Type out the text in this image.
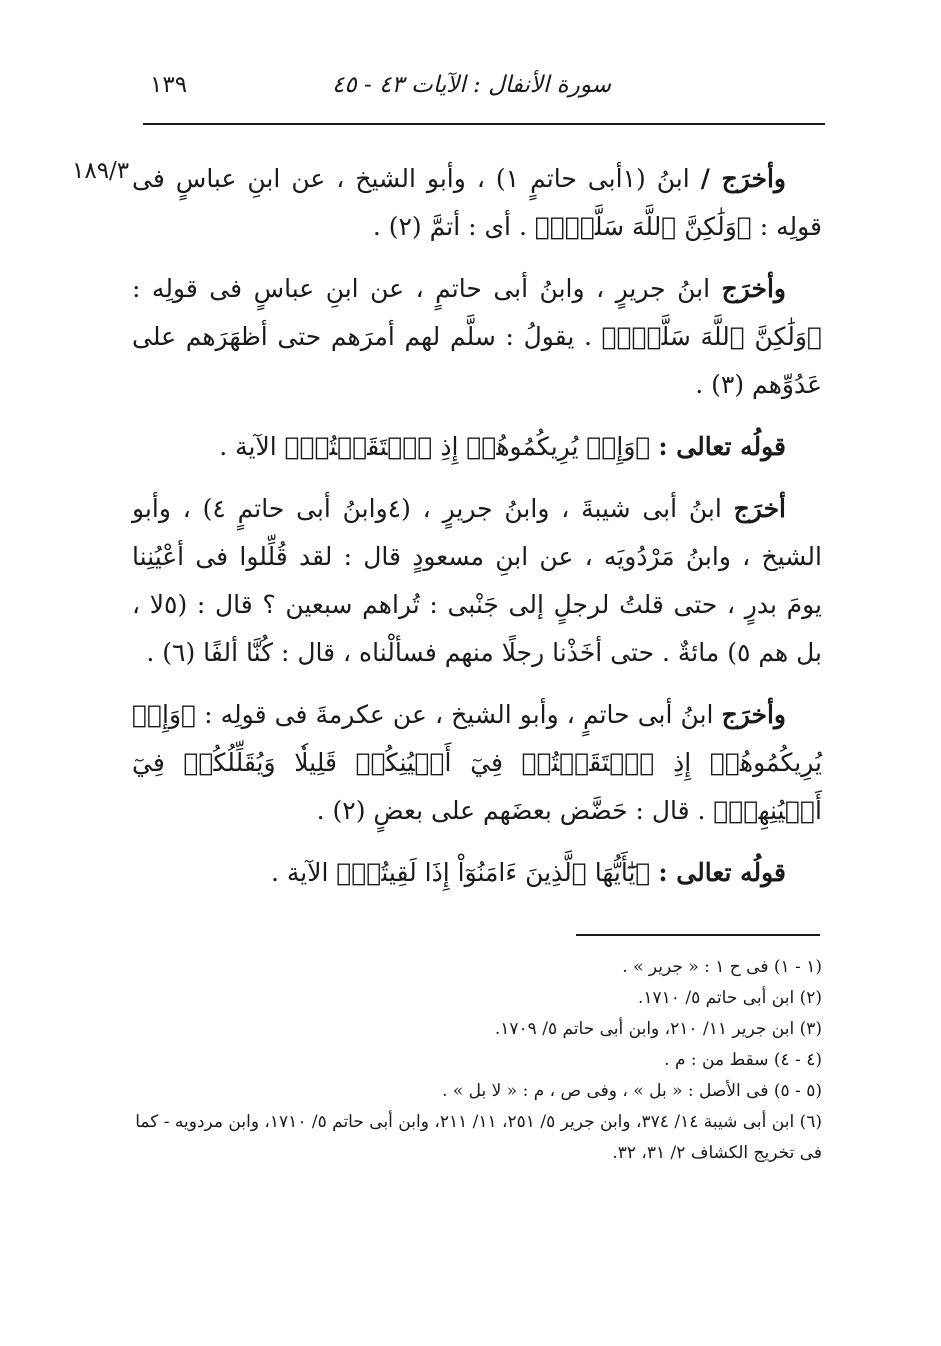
١٣٩	سورة الأنفال : الآيات ٤٣ - ٤٥
١٨٩/٣	وأخرَج / ابنُ (١أبى حاتمٍ ١) ، وأبو الشيخ ، عن ابنِ عباسٍ فى قولِه : ﴿وَلَٰكِنَّ ٱللَّهَ سَلَّمَۗ﴾ . أى : أتمَّ (٢) .

وأخرَج ابنُ جريرٍ ، وابنُ أبى حاتمٍ ، عن ابنِ عباسٍ فى قولِه : ﴿وَلَٰكِنَّ ٱللَّهَ سَلَّمَۗ﴾ . يقولُ : سلَّم لهم أمرَهم حتى أظهَرَهم على عَدُوِّهم (٣) .

قولُه تعالى : ﴿وَإِذۡ يُرِيكُمُوهُمۡ إِذِ ٱلۡتَقَيۡتُمۡ﴾ الآية .

أخرَج ابنُ أبى شيبةَ ، وابنُ جريرٍ ، (٤وابنُ أبى حاتمٍ ٤) ، وأبو الشيخ ، وابنُ مَرْدُويَه ، عن ابنِ مسعودٍ قال : لقد قُلِّلوا فى أعْيُنِنا يومَ بدرٍ ، حتى قلتُ لرجلٍ إلى جَنْبى : تُراهم سبعين ؟ قال : (٥لا ، بل هم ٥) مائةٌ . حتى أخَذْنا رجلًا منهم فسألْناه ، قال : كُنَّا ألفًا (٦) .

وأخرَج ابنُ أبى حاتمٍ ، وأبو الشيخ ، عن عكرمةَ فى قولِه : ﴿وَإِذۡ يُرِيكُمُوهُمۡ إِذِ ٱلۡتَقَيۡتُمۡ فِيٓ أَعۡيُنِكُمۡ قَلِيلٗا وَيُقَلِّلُكُمۡ فِيٓ أَعۡيُنِهِمۡ﴾ . قال : حَضَّض بعضَهم على بعضٍ (٢) .

قولُه تعالى : ﴿يَٰٓأَيُّهَا ٱلَّذِينَ ءَامَنُوٓاْ إِذَا لَقِيتُمۡ﴾ الآية .

(١ - ١) فى ح ١ : « جرير » .

(٢) ابن أبى حاتم ٥/ ١٧١٠.

(٣) ابن جرير ١١/ ٢١٠، وابن أبى حاتم ٥/ ١٧٠٩.

(٤ - ٤) سقط من : م .

(٥ - ٥) فى الأصل : « بل » ، وفى ص ، م : « لا بل » .

(٦) ابن أبى شيبة ١٤/ ٣٧٤، وابن جرير ٥/ ٢٥١، ١١/ ٢١١، وابن أبى حاتم ٥/ ١٧١٠، وابن مردويه - كما فى تخريج الكشاف ٢/ ٣١، ٣٢.
